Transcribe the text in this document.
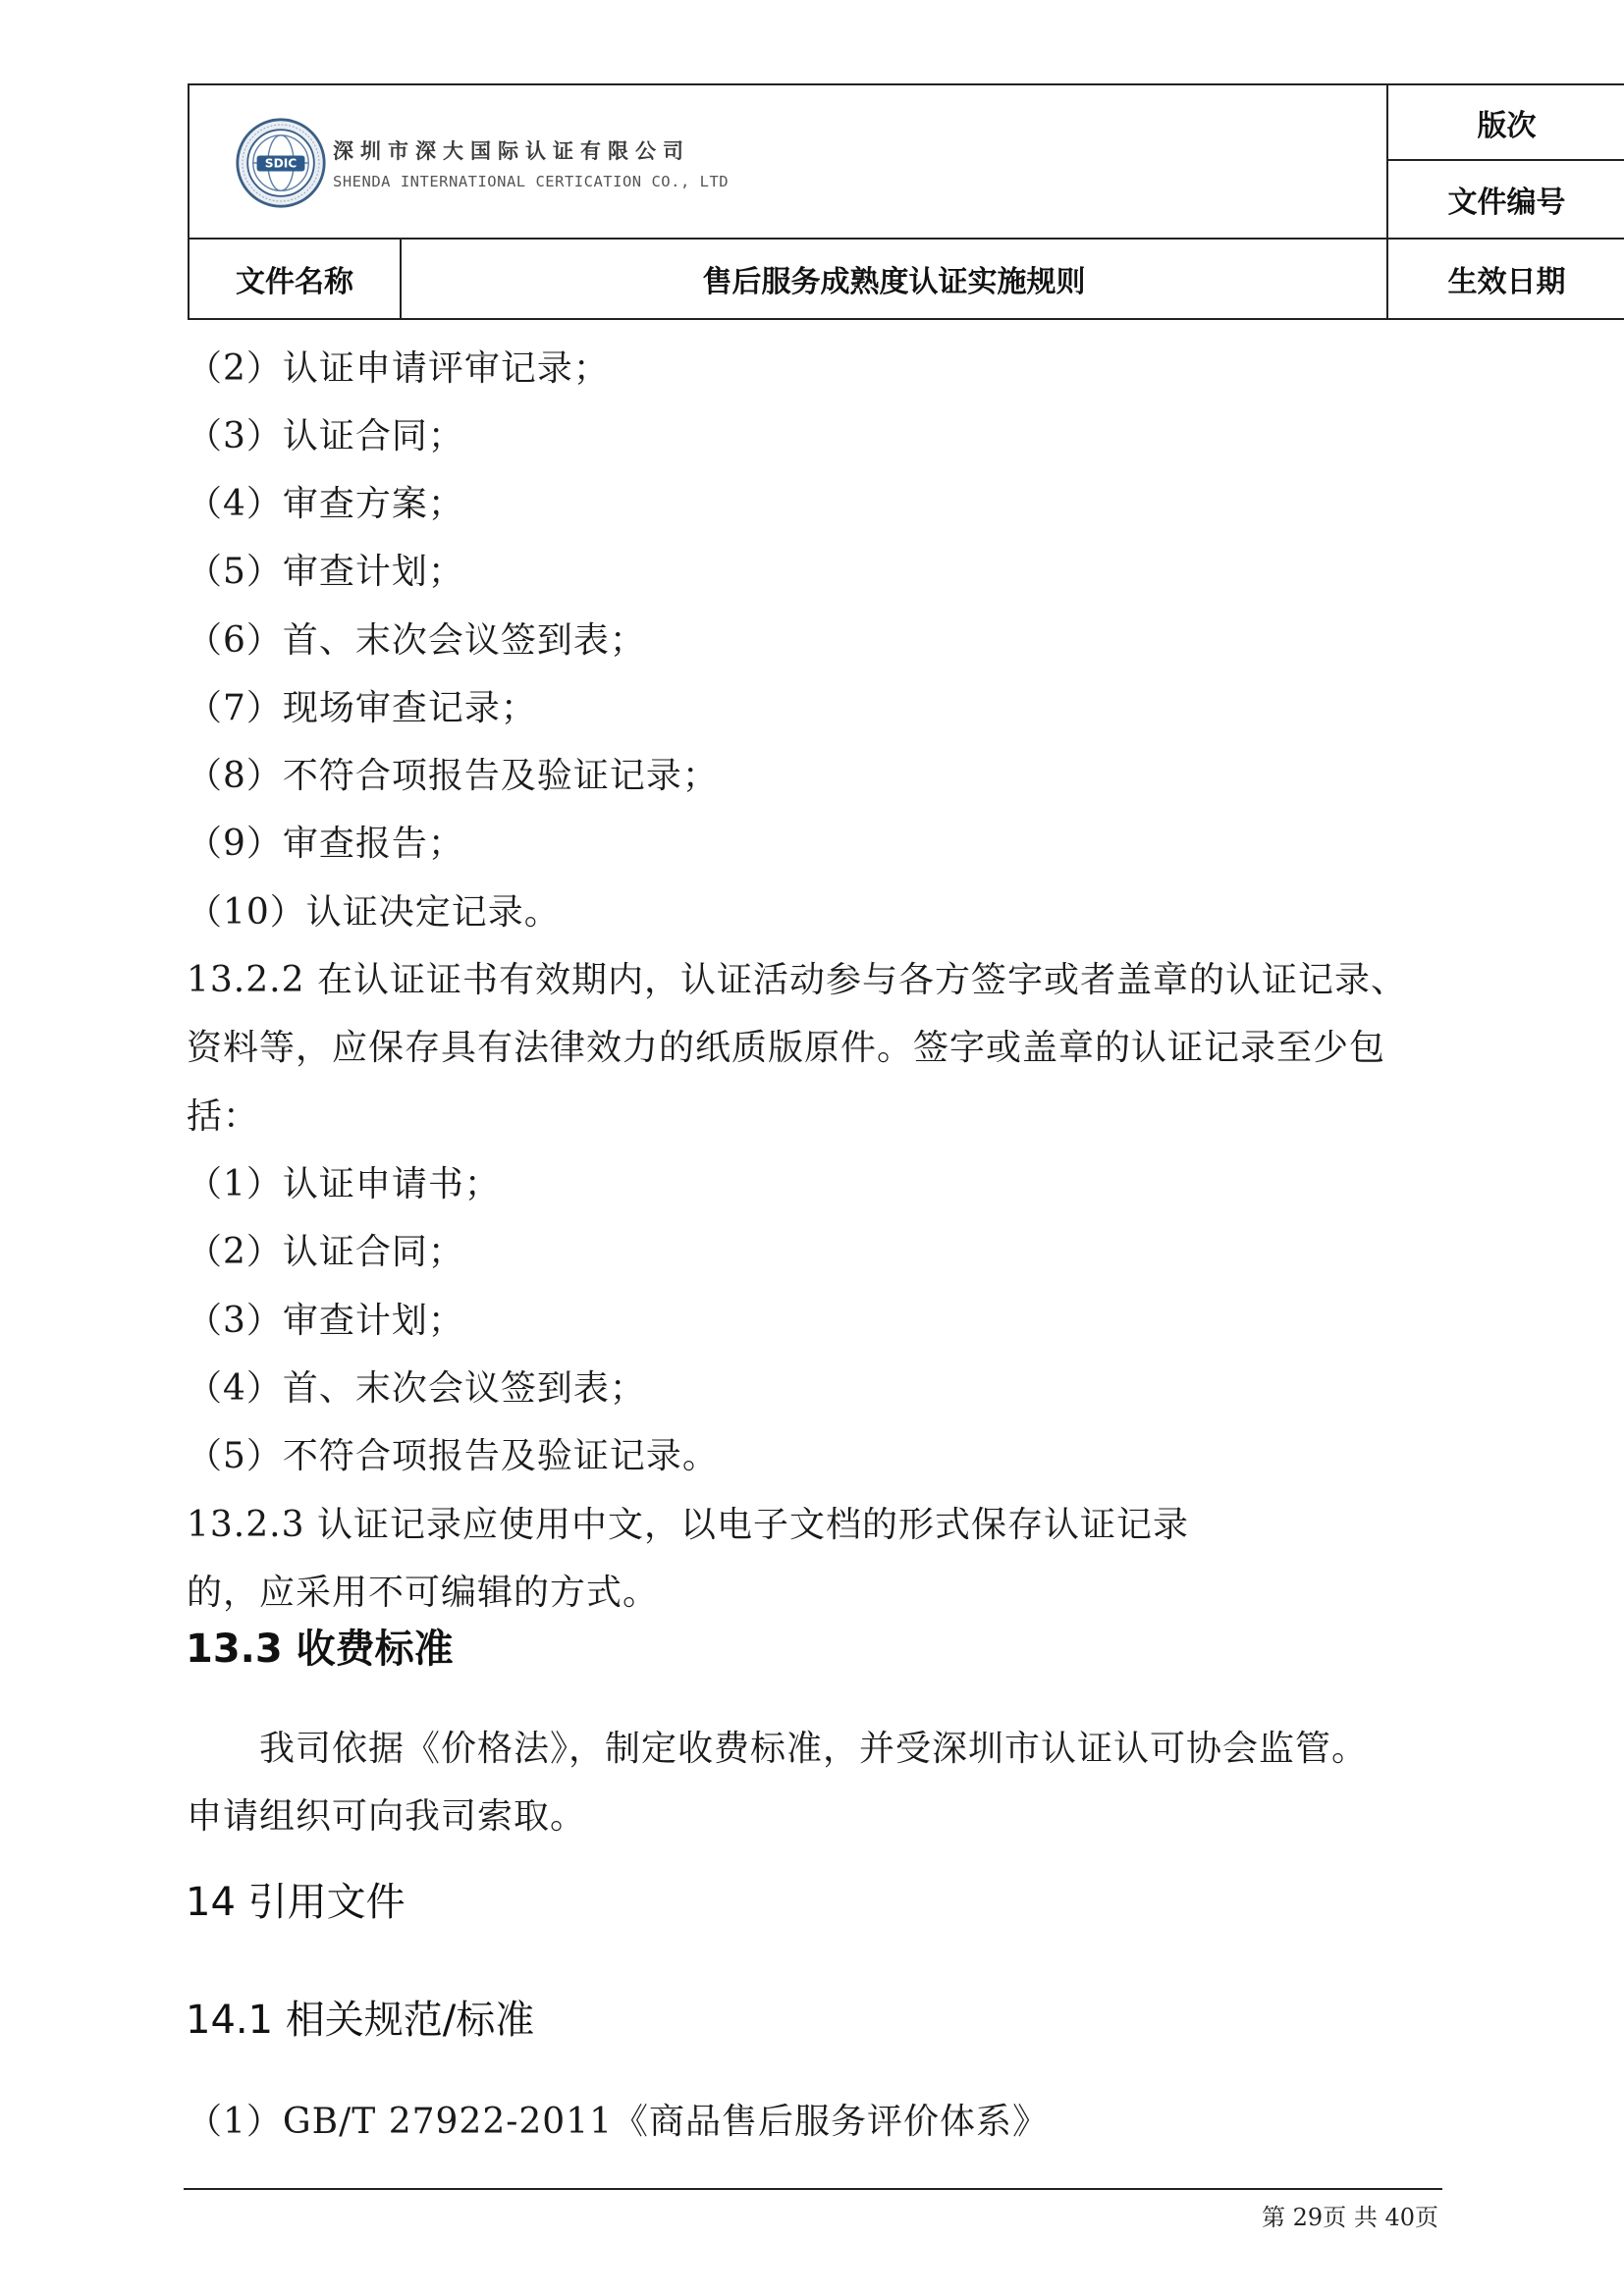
SDIC
深圳市深大国际认证有限公司
SHENDA INTERNATIONAL CERTICATION CO., LTD		版次
		文件编号
文件名称	售后服务成熟度认证实施规则	生效日期
（2）认证申请评审记录；
（3）认证合同；
（4）审查方案；
（5）审查计划；
（6）首、末次会议签到表；
（7）现场审查记录；
（8）不符合项报告及验证记录；
（9）审查报告；
（10）认证决定记录。
13.2.2 在认证证书有效期内，认证活动参与各方签字或者盖章的认证记录、
资料等，应保存具有法律效力的纸质版原件。签字或盖章的认证记录至少包
括：
（1）认证申请书；
（2）认证合同；
（3）审查计划；
（4）首、末次会议签到表；
（5）不符合项报告及验证记录。
13.2.3 认证记录应使用中文，以电子文档的形式保存认证记录
的，应采用不可编辑的方式。
13.3 收费标准
我司依据《价格法》，制定收费标准，并受深圳市认证认可协会监管。
申请组织可向我司索取。
14 引用文件
14.1 相关规范/标准
（1）GB/T 27922-2011《商品售后服务评价体系》
第 29页 共 40页
